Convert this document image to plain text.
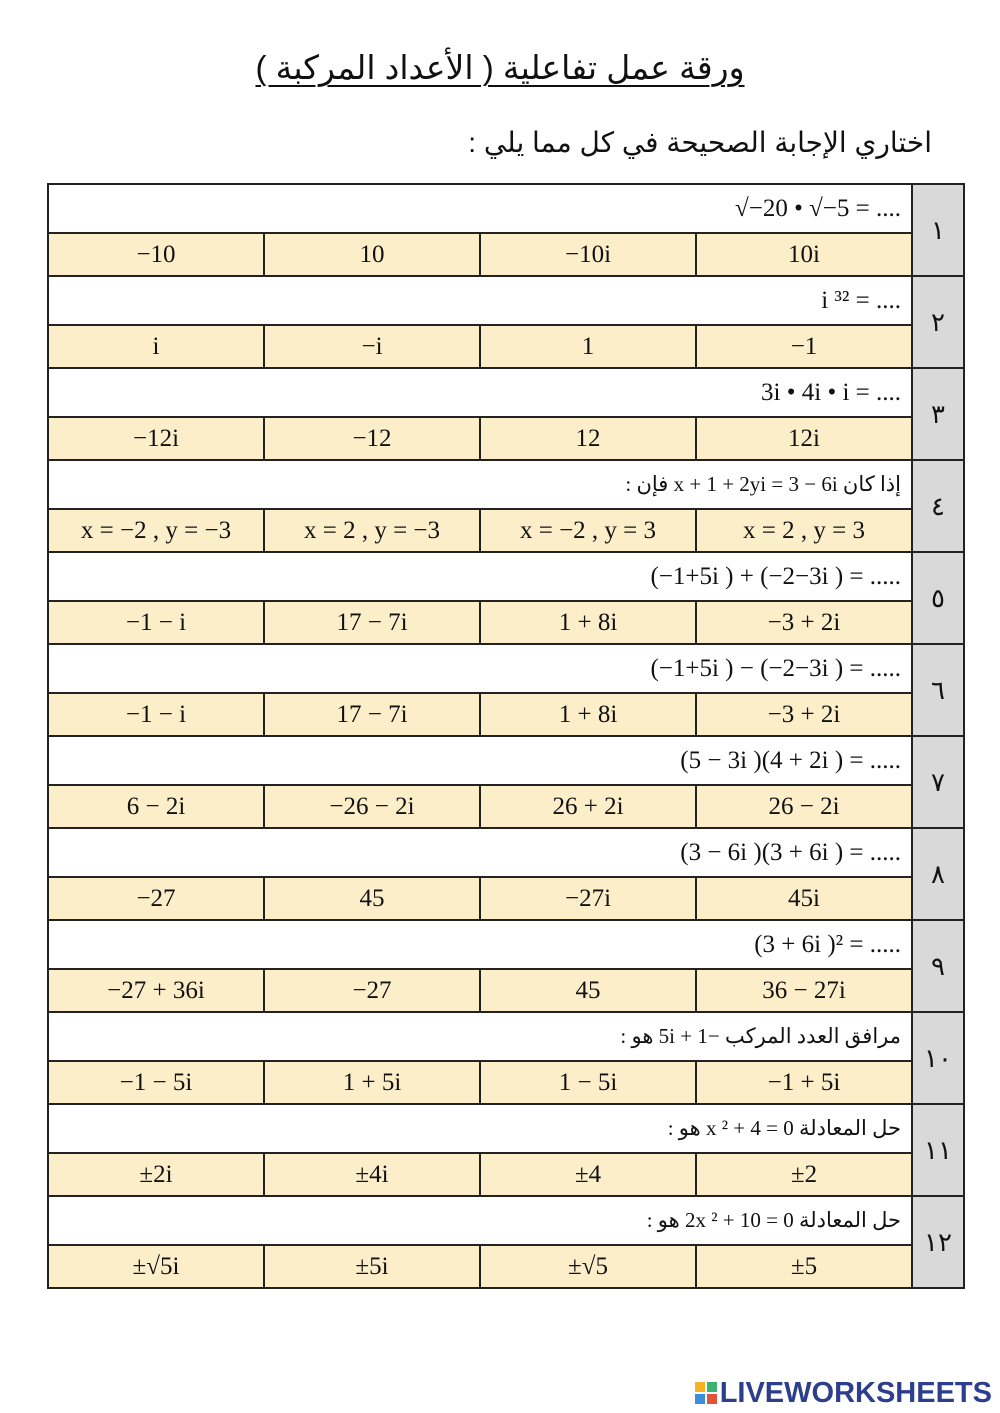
ورقة عمل تفاعلية ( الأعداد المركبة )
اختاري الإجابة الصحيحة في كل مما يلي :
√−20 • √−5 = ....				١
−10	10	−10i	10i	
i ³² = ....				٢
i	−i	1	−1	
3i • 4i • i = ....				٣
−12i	−12	12	12i	
إذا كان x + 1 + 2yi = 3 − 6i فإن :				٤
x = −2 , y = −3	x = 2 , y = −3	x = −2 , y = 3	x = 2 , y = 3	
(−1+5i ) + (−2−3i ) = .....				٥
−1 − i	17 − 7i	1 + 8i	−3 + 2i	
(−1+5i ) − (−2−3i ) = .....				٦
−1 − i	17 − 7i	1 + 8i	−3 + 2i	
(5 − 3i )(4 + 2i ) = .....				٧
6 − 2i	−26 − 2i	26 + 2i	26 − 2i	
(3 − 6i )(3 + 6i ) = .....				٨
−27	45	−27i	45i	
(3 + 6i )² = .....				٩
−27 + 36i	−27	45	36 − 27i	
مرافق العدد المركب −1 + 5i هو :				١٠
−1 − 5i	1 + 5i	1 − 5i	−1 + 5i	
حل المعادلة x ² + 4 = 0 هو :				١١
±2i	±4i	±4	±2	
حل المعادلة 2x ² + 10 = 0 هو :				١٢
±√5i	±5i	±√5	±5	
LIVEWORKSHEETS
